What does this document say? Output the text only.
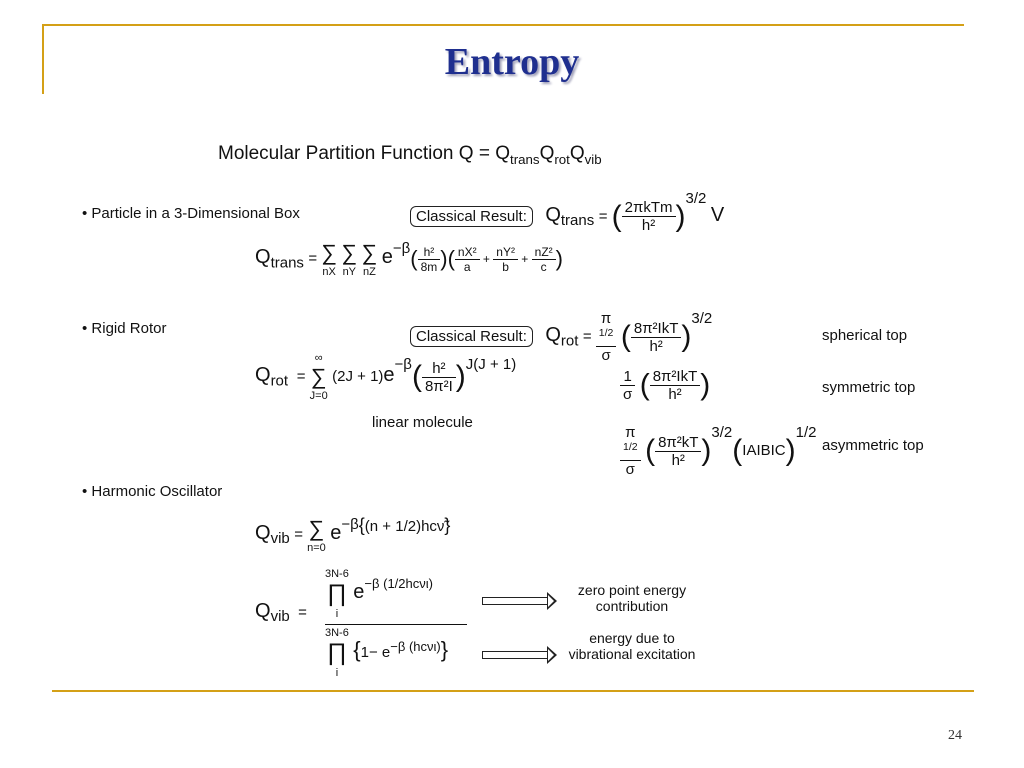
Entropy
Molecular Partition Function $Q = Q_{trans}Q_{rot}Q_{vib}$
• Particle in a 3-Dimensional Box	Classical Result: $Q_{trans}$ = ( $\frac{\text{2πkTm}}{\text{h²}} )^{3/2}$ V
$Q_{trans}$ = ∑
nX

∑
nY

∑
nZ
$e^{-\beta}( \frac{\text{h²}}{8m}$ )( $\frac{\text{nX²}}{a} + \frac{\text{nY²}}{b} + \frac{\text{nZ²}}{c}$ )
• Rigid Rotor	Classical Result: $Q_{rot} = \pi$
$^{1/2}$
σ ( $\frac{\text{8π²IkT}}{\text{h²}} )^{3/2}$
spherical top
$Q_{rot}$  =
∞
∑
J=0
$(2J + 1)e^{-\beta}( \frac{\text{h²}}{\text{8π²I}} )^{J(J + 1)}$
linear molecule
$\frac{1}{\sigma}$ ( $\frac{\text{8π²IkT}}{\text{h²}}$ )	symmetric top
π
$^{1/2}$
σ ( $\frac{\text{8π²kT}}{\text{h²}}$ )$^{3/2}$(IAIBIC)$^{1/2}$
asymmetric top
• Harmonic Oscillator
$Q_{vib}$ = ∑
n=0
$e^{-\beta}\{(n$ + 1/2)hcν̃}
$Q_{vib}$  =
3N-6
∏
i
$e^{-\beta (1/2hc\nu\iota)}$
3N-6
∏
i
$\{1- e^{-\beta (hc\nu\iota)}\}$
zero point energy
contribution
energy due to
vibrational excitation
24
